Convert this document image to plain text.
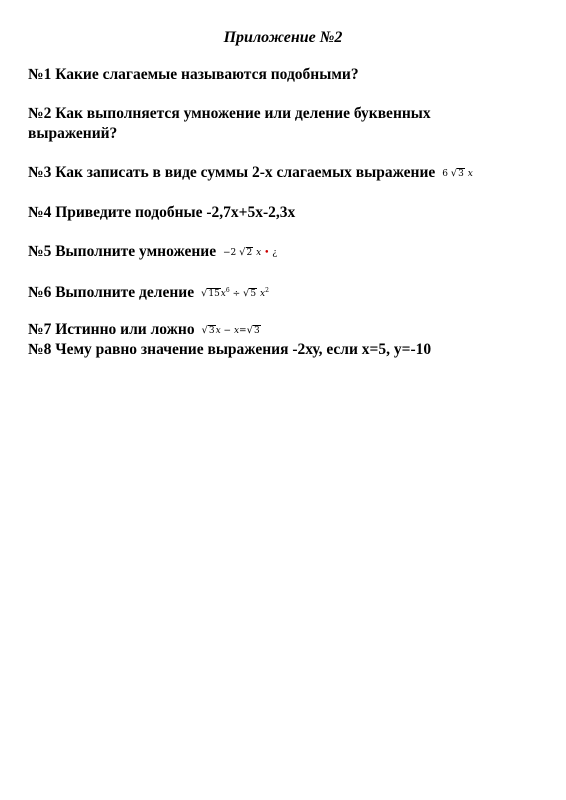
Приложение №2
№1 Какие слагаемые называются подобными?
№2 Как выполняется умножение или деление буквенных выражений?
№3 Как записать в виде суммы 2-х слагаемых выражение 6 √3 x
№4 Приведите подобные -2,7х+5х-2,3х
№5 Выполните умножение −2 √2 x • ¿
№6 Выполните деление $√15x^6 \div √5$ $x^2$
№7 Истинно или ложно √3x − x=√3
№8 Чему равно значение выражения -2ху, если х=5, у=-10
